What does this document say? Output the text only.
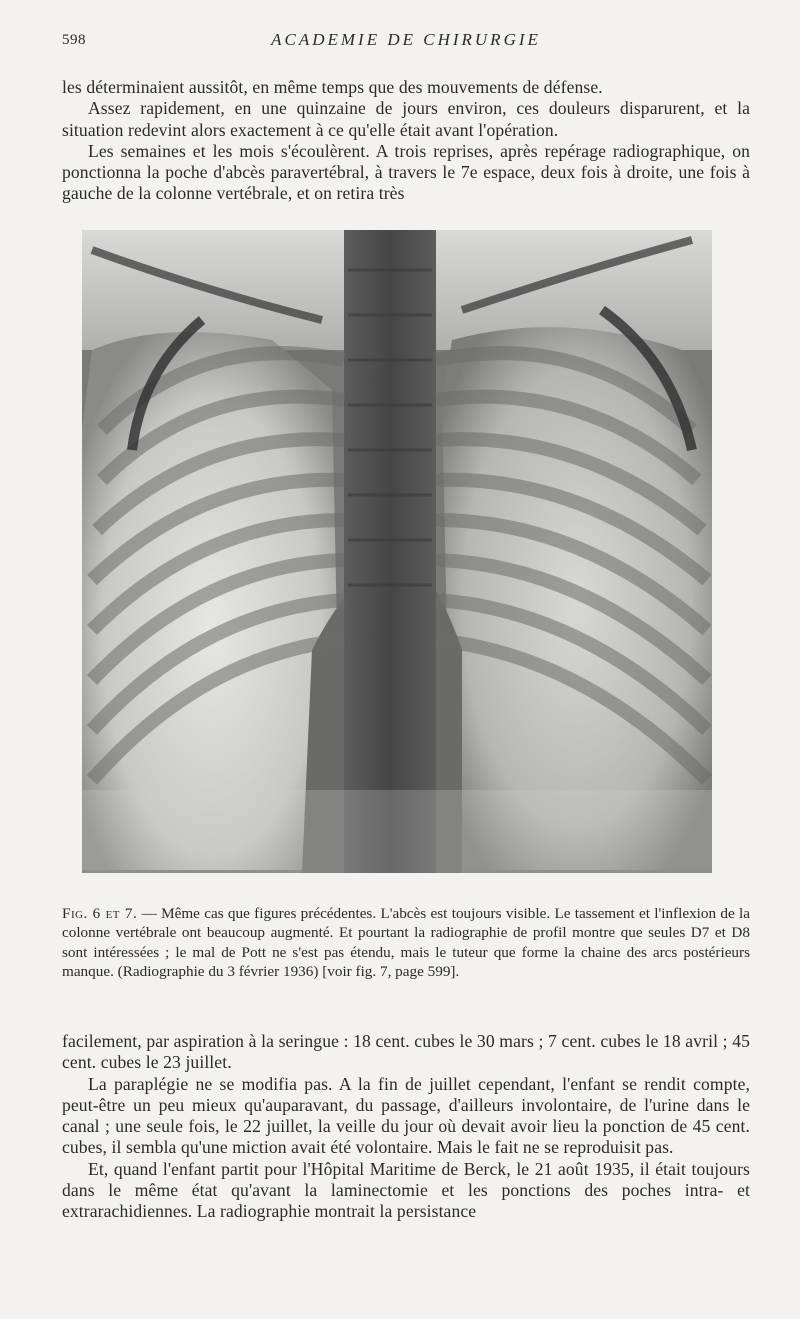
598	ACADEMIE DE CHIRURGIE

les déterminaient aussitôt, en même temps que des mouvements de défense.

Assez rapidement, en une quinzaine de jours environ, ces douleurs disparurent, et la situation redevint alors exactement à ce qu'elle était avant l'opération.

Les semaines et les mois s'écoulèrent. A trois reprises, après repérage radiographique, on ponctionna la poche d'abcès paravertébral, à travers le 7e espace, deux fois à droite, une fois à gauche de la colonne vertébrale, et on retira très

Fig. 6 et 7. — Même cas que figures précédentes. L'abcès est toujours visible. Le tassement et l'inflexion de la colonne vertébrale ont beaucoup augmenté. Et pourtant la radiographie de profil montre que seules D7 et D8 sont intéressées ; le mal de Pott ne s'est pas étendu, mais le tuteur que forme la chaine des arcs postérieurs manque. (Radiographie du 3 février 1936) [voir fig. 7, page 599].

facilement, par aspiration à la seringue : 18 cent. cubes le 30 mars ; 7 cent. cubes le 18 avril ; 45 cent. cubes le 23 juillet.

La paraplégie ne se modifia pas. A la fin de juillet cependant, l'enfant se rendit compte, peut-être un peu mieux qu'auparavant, du passage, d'ailleurs involontaire, de l'urine dans le canal ; une seule fois, le 22 juillet, la veille du jour où devait avoir lieu la ponction de 45 cent. cubes, il sembla qu'une miction avait été volontaire. Mais le fait ne se reproduisit pas.

Et, quand l'enfant partit pour l'Hôpital Maritime de Berck, le 21 août 1935, il était toujours dans le même état qu'avant la laminectomie et les ponctions des poches intra- et extrarachidiennes. La radiographie montrait la persistance
